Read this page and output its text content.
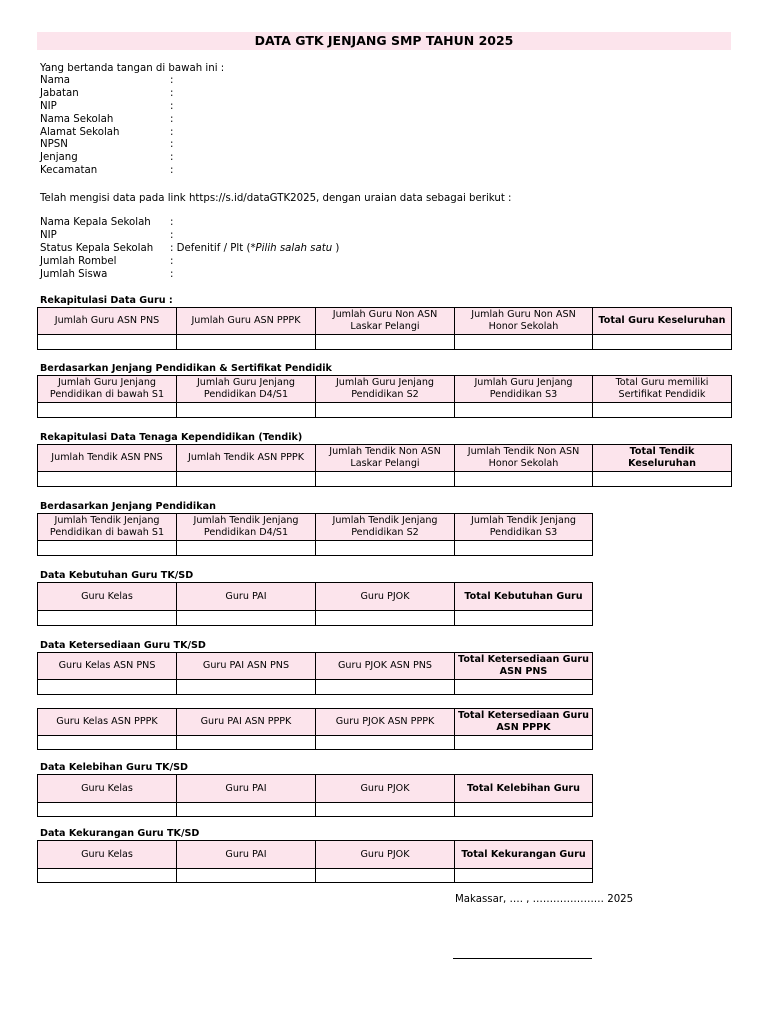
DATA GTK JENJANG SMP TAHUN 2025
Yang bertanda tangan di bawah ini :
Nama	:
Jabatan	:
NIP	:
Nama Sekolah	:
Alamat Sekolah	:
NPSN	:
Jenjang	:
Kecamatan	:
Telah mengisi data pada link https://s.id/dataGTK2025, dengan uraian data sebagai berikut :
Nama Kepala Sekolah :
NIP	:
Status Kepala Sekolah : Defenitif / Plt (*Pilih salah satu )
Jumlah Rombel	:
Jumlah Siswa	:
Rekapitulasi Data Guru :
Jumlah Guru ASN PNS	Jumlah Guru ASN PPPK	Jumlah Guru Non ASN Laskar Pelangi	Jumlah Guru Non ASN Honor Sekolah	Total Guru Keseluruhan

Berdasarkan Jenjang Pendidikan & Sertifikat Pendidik
Jumlah Guru Jenjang Pendidikan di bawah S1	Jumlah Guru Jenjang Pendidikan D4/S1	Jumlah Guru Jenjang Pendidikan S2	Jumlah Guru Jenjang Pendidikan S3	Total Guru memiliki Sertifikat Pendidik

Rekapitulasi Data Tenaga Kependidikan (Tendik)
Jumlah Tendik ASN PNS	Jumlah Tendik ASN PPPK	Jumlah Tendik Non ASN Laskar Pelangi	Jumlah Tendik Non ASN Honor Sekolah	Total Tendik Keseluruhan

Berdasarkan Jenjang Pendidikan
Jumlah Tendik Jenjang Pendidikan di bawah S1	Jumlah Tendik Jenjang Pendidikan D4/S1	Jumlah Tendik Jenjang Pendidikan S2	Jumlah Tendik Jenjang Pendidikan S3

Data Kebutuhan Guru TK/SD
Guru Kelas	Guru PAI	Guru PJOK	Total Kebutuhan Guru

Data Ketersediaan Guru TK/SD
Guru Kelas ASN PNS	Guru PAI ASN PNS	Guru PJOK ASN PNS	Total Ketersediaan Guru ASN PNS

Guru Kelas ASN PPPK	Guru PAI ASN PPPK	Guru PJOK ASN PPPK	Total Ketersediaan Guru ASN PPPK

Data Kelebihan Guru TK/SD
Guru Kelas	Guru PAI	Guru PJOK	Total Kelebihan Guru

Data Kekurangan Guru TK/SD
Guru Kelas	Guru PAI	Guru PJOK	Total Kekurangan Guru

Makassar, …. , ………………… 2025
